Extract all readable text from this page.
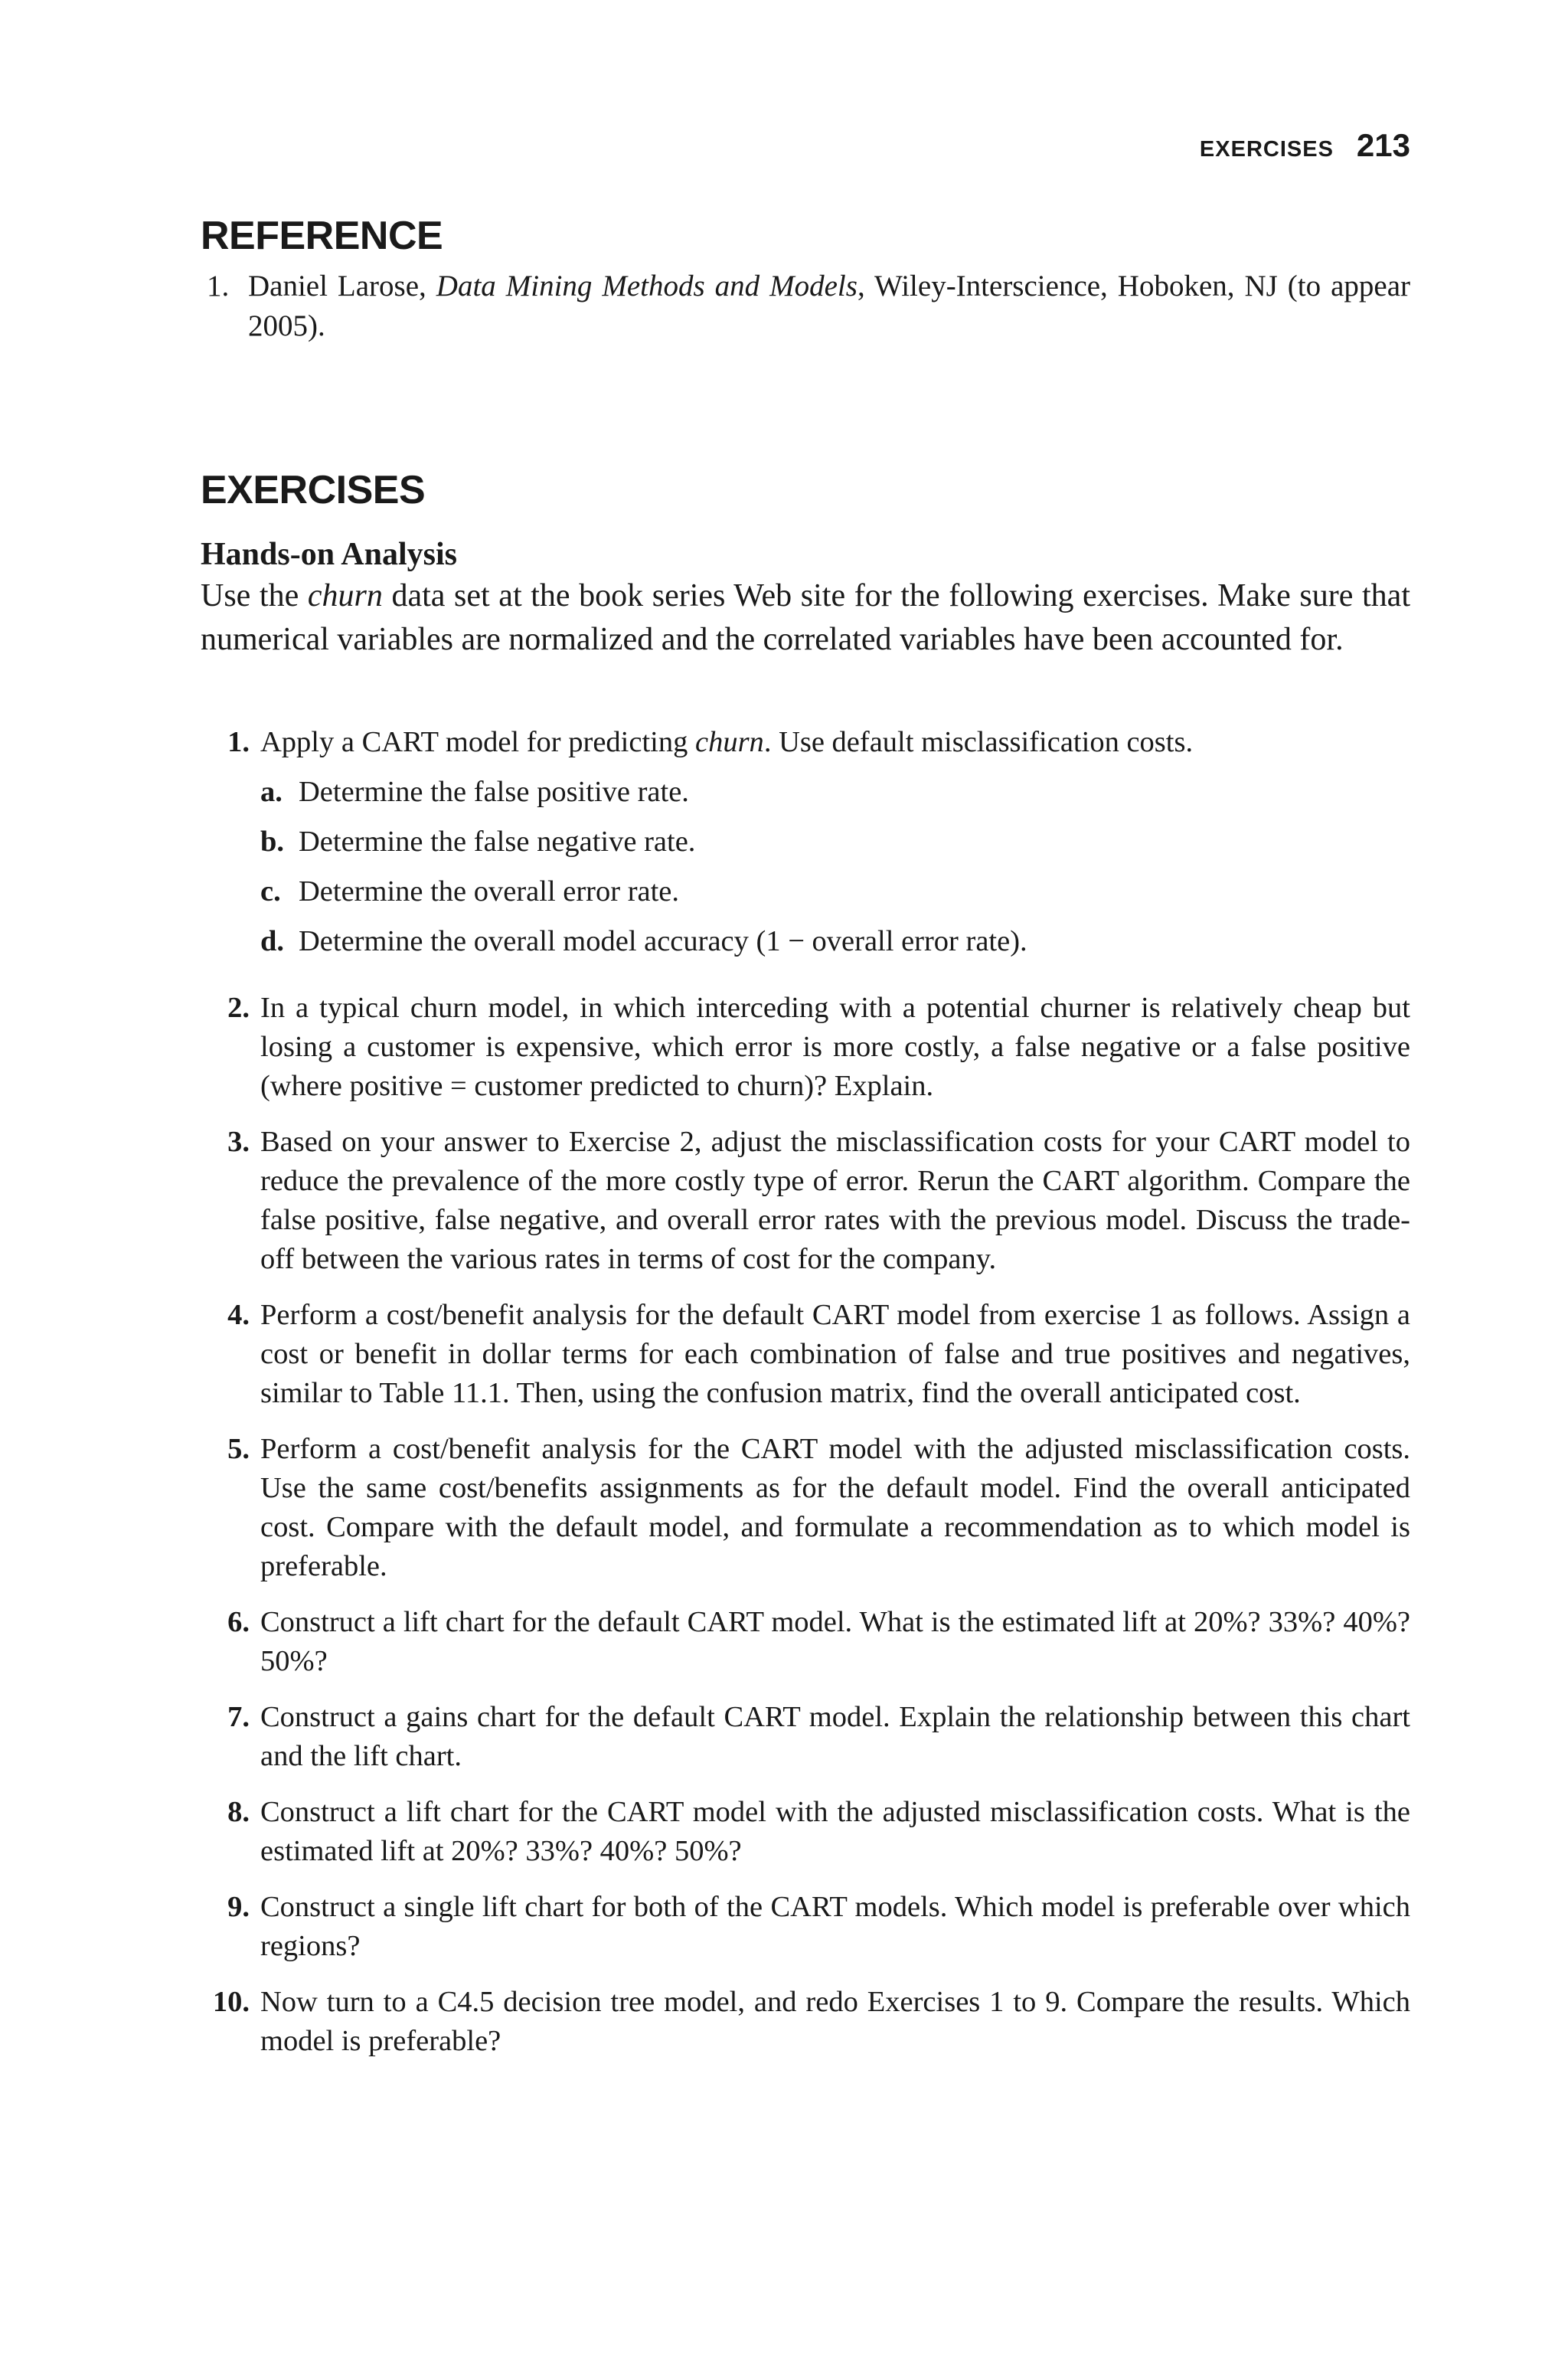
EXERCISES 213
REFERENCE
1. Daniel Larose, Data Mining Methods and Models, Wiley-Interscience, Hoboken, NJ (to appear 2005).
EXERCISES
Hands-on Analysis
Use the churn data set at the book series Web site for the following exercises. Make sure that numerical variables are normalized and the correlated variables have been accounted for.
1. Apply a CART model for predicting churn. Use default misclassification costs.
a. Determine the false positive rate.
b. Determine the false negative rate.
c. Determine the overall error rate.
d. Determine the overall model accuracy (1 − overall error rate).
2. In a typical churn model, in which interceding with a potential churner is relatively cheap but losing a customer is expensive, which error is more costly, a false negative or a false positive (where positive = customer predicted to churn)? Explain.
3. Based on your answer to Exercise 2, adjust the misclassification costs for your CART model to reduce the prevalence of the more costly type of error. Rerun the CART algorithm. Compare the false positive, false negative, and overall error rates with the previous model. Discuss the trade-off between the various rates in terms of cost for the company.
4. Perform a cost/benefit analysis for the default CART model from exercise 1 as follows. Assign a cost or benefit in dollar terms for each combination of false and true positives and negatives, similar to Table 11.1. Then, using the confusion matrix, find the overall anticipated cost.
5. Perform a cost/benefit analysis for the CART model with the adjusted misclassification costs. Use the same cost/benefits assignments as for the default model. Find the overall anticipated cost. Compare with the default model, and formulate a recommendation as to which model is preferable.
6. Construct a lift chart for the default CART model. What is the estimated lift at 20%? 33%? 40%? 50%?
7. Construct a gains chart for the default CART model. Explain the relationship between this chart and the lift chart.
8. Construct a lift chart for the CART model with the adjusted misclassification costs. What is the estimated lift at 20%? 33%? 40%? 50%?
9. Construct a single lift chart for both of the CART models. Which model is preferable over which regions?
10. Now turn to a C4.5 decision tree model, and redo Exercises 1 to 9. Compare the results. Which model is preferable?
